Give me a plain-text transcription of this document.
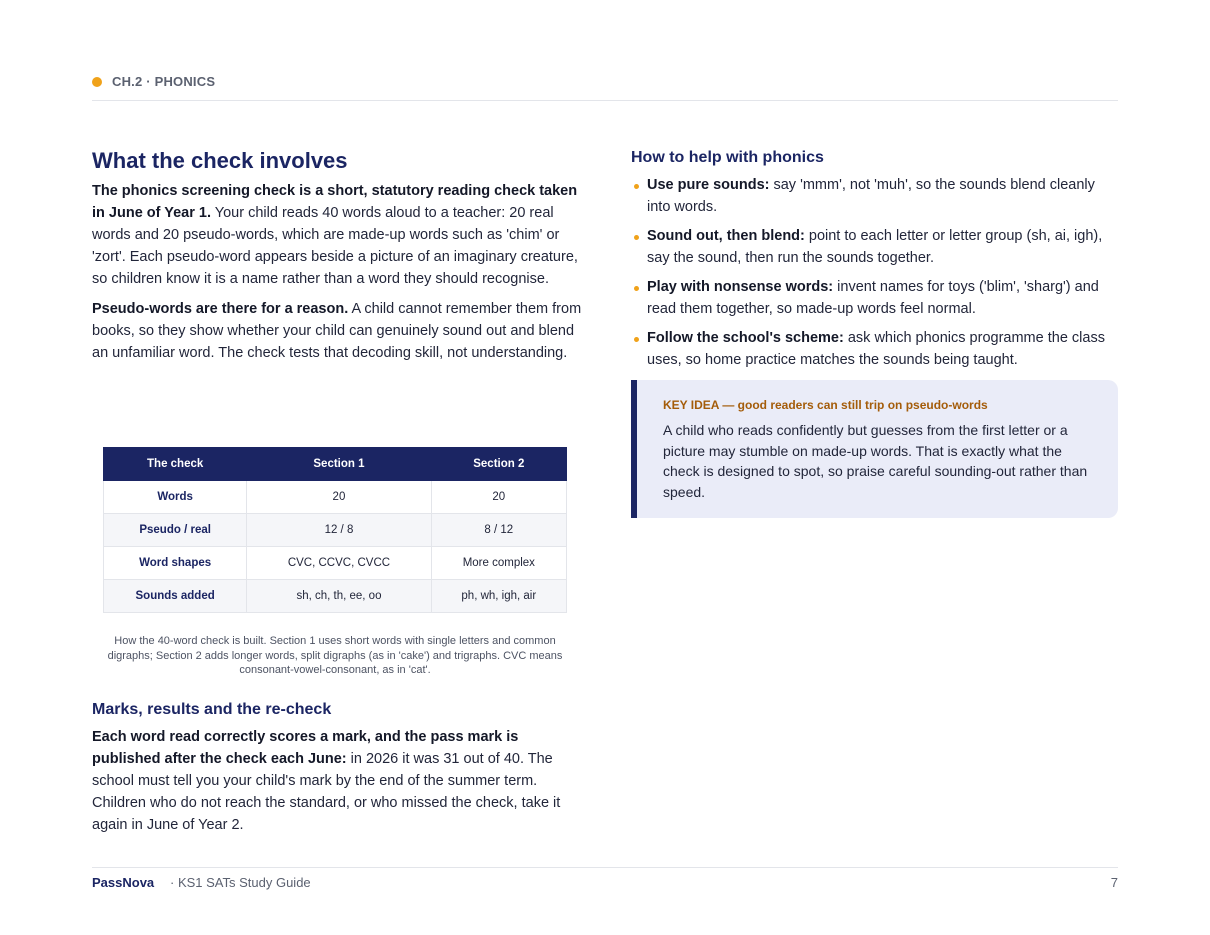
CH.2 · PHONICS
What the check involves

The phonics screening check is a short, statutory reading check taken in June of Year 1. Your child reads 40 words aloud to a teacher: 20 real words and 20 pseudo-words, which are made-up words such as 'chim' or 'zort'. Each pseudo-word appears beside a picture of an imaginary creature, so children know it is a name rather than a word they should recognise.

Pseudo-words are there for a reason. A child cannot remember them from books, so they show whether your child can genuinely sound out and blend an unfamiliar word. The check tests that decoding skill, not understanding.

The check	Section 1	Section 2
Words	20	20
Pseudo / real	12 / 8	8 / 12
Word shapes	CVC, CCVC, CVCC	More complex
Sounds added	sh, ch, th, ee, oo	ph, wh, igh, air
How the 40-word check is built. Section 1 uses short words with single letters and common digraphs; Section 2 adds longer words, split digraphs (as in 'cake') and trigraphs. CVC means consonant-vowel-consonant, as in 'cat'.
Marks, results and the re-check

Each word read correctly scores a mark, and the pass mark is published after the check each June: in 2026 it was 31 out of 40. The school must tell you your child's mark by the end of the summer term. Children who do not reach the standard, or who missed the check, take it again in June of Year 2.

How to help with phonics
Use pure sounds: say 'mmm', not 'muh', so the sounds blend cleanly into words.
Sound out, then blend: point to each letter or letter group (sh, ai, igh), say the sound, then run the sounds together.
Play with nonsense words: invent names for toys ('blim', 'sharg') and read them together, so made-up words feel normal.
Follow the school's scheme: ask which phonics programme the class uses, so home practice matches the sounds being taught.
KEY IDEA — good readers can still trip on pseudo-words
A child who reads confidently but guesses from the first letter or a picture may stumble on made-up words. That is exactly what the check is designed to spot, so praise careful sounding-out rather than speed.
PassNova · KS1 SATs Study Guide	7
